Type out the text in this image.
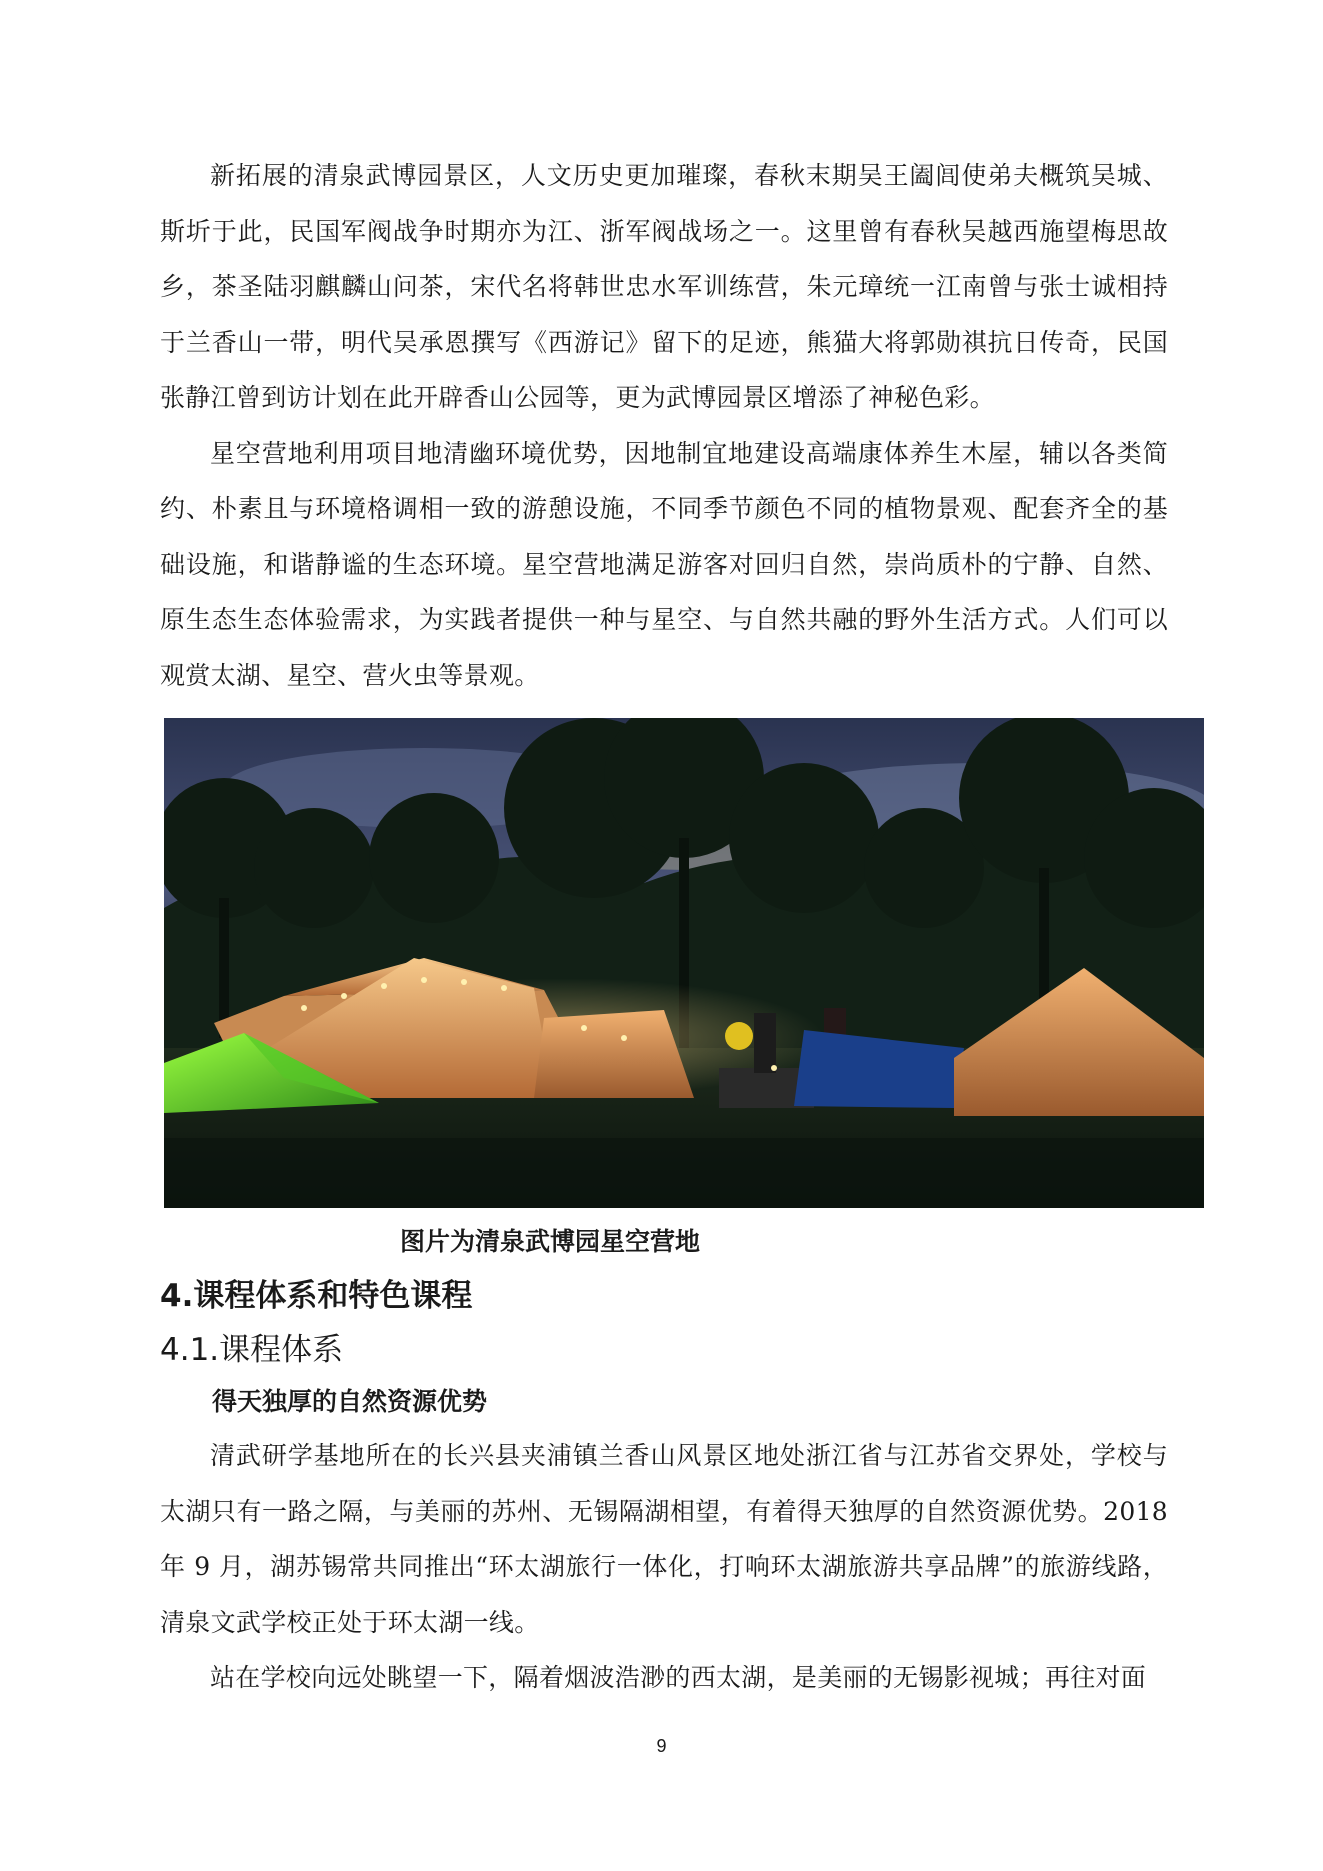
新拓展的清泉武博园景区，人文历史更加璀璨，春秋末期吴王阖闾使弟夫概筑吴城、斯圻于此，民国军阀战争时期亦为江、浙军阀战场之一。这里曾有春秋吴越西施望梅思故乡，茶圣陆羽麒麟山问茶，宋代名将韩世忠水军训练营，朱元璋统一江南曾与张士诚相持于兰香山一带，明代吴承恩撰写《西游记》留下的足迹，熊猫大将郭勋祺抗日传奇，民国张静江曾到访计划在此开辟香山公园等，更为武博园景区增添了神秘色彩。

星空营地利用项目地清幽环境优势，因地制宜地建设高端康体养生木屋，辅以各类简约、朴素且与环境格调相一致的游憩设施，不同季节颜色不同的植物景观、配套齐全的基础设施，和谐静谧的生态环境。星空营地满足游客对回归自然，崇尚质朴的宁静、自然、原生态生态体验需求，为实践者提供一种与星空、与自然共融的野外生活方式。人们可以观赏太湖、星空、营火虫等景观。

图片为清泉武博园星空营地

4.课程体系和特色课程
4.1.课程体系
得天独厚的自然资源优势

清武研学基地所在的长兴县夹浦镇兰香山风景区地处浙江省与江苏省交界处，学校与太湖只有一路之隔，与美丽的苏州、无锡隔湖相望，有着得天独厚的自然资源优势。2018 年 9 月，湖苏锡常共同推出“环太湖旅行一体化，打响环太湖旅游共享品牌”的旅游线路，清泉文武学校正处于环太湖一线。

站在学校向远处眺望一下，隔着烟波浩渺的西太湖，是美丽的无锡影视城；再往对面

9
